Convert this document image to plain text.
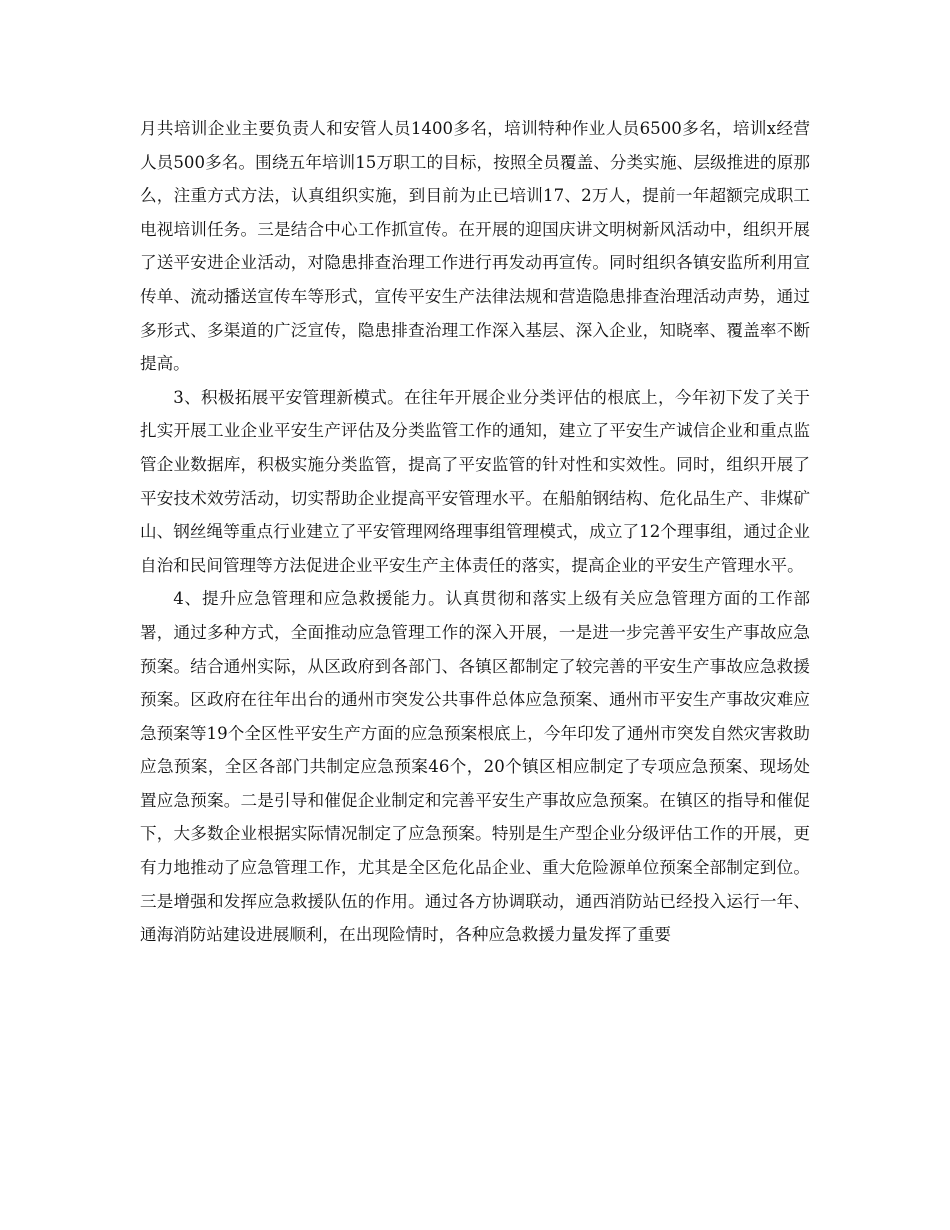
月共培训企业主要负责人和安管人员1400多名，培训特种作业人员6500多名，培训x经营人员500多名。围绕五年培训15万职工的目标，按照全员覆盖、分类实施、层级推进的原那么，注重方式方法，认真组织实施，到目前为止已培训17、2万人，提前一年超额完成职工电视培训任务。三是结合中心工作抓宣传。在开展的迎国庆讲文明树新风活动中，组织开展了送平安进企业活动，对隐患排查治理工作进行再发动再宣传。同时组织各镇安监所利用宣传单、流动播送宣传车等形式，宣传平安生产法律法规和营造隐患排查治理活动声势，通过多形式、多渠道的广泛宣传，隐患排查治理工作深入基层、深入企业，知晓率、覆盖率不断提高。

3、积极拓展平安管理新模式。在往年开展企业分类评估的根底上，今年初下发了关于扎实开展工业企业平安生产评估及分类监管工作的通知，建立了平安生产诚信企业和重点监管企业数据库，积极实施分类监管，提高了平安监管的针对性和实效性。同时，组织开展了平安技术效劳活动，切实帮助企业提高平安管理水平。在船舶钢结构、危化品生产、非煤矿山、钢丝绳等重点行业建立了平安管理网络理事组管理模式，成立了12个理事组，通过企业自治和民间管理等方法促进企业平安生产主体责任的落实，提高企业的平安生产管理水平。

4、提升应急管理和应急救援能力。认真贯彻和落实上级有关应急管理方面的工作部署，通过多种方式，全面推动应急管理工作的深入开展，一是进一步完善平安生产事故应急预案。结合通州实际，从区政府到各部门、各镇区都制定了较完善的平安生产事故应急救援预案。区政府在往年出台的通州市突发公共事件总体应急预案、通州市平安生产事故灾难应急预案等19个全区性平安生产方面的应急预案根底上，今年印发了通州市突发自然灾害救助应急预案，全区各部门共制定应急预案46个，20个镇区相应制定了专项应急预案、现场处置应急预案。二是引导和催促企业制定和完善平安生产事故应急预案。在镇区的指导和催促下，大多数企业根据实际情况制定了应急预案。特别是生产型企业分级评估工作的开展，更有力地推动了应急管理工作，尤其是全区危化品企业、重大危险源单位预案全部制定到位。三是增强和发挥应急救援队伍的作用。通过各方协调联动，通西消防站已经投入运行一年、通海消防站建设进展顺利，在出现险情时，各种应急救援力量发挥了重要
